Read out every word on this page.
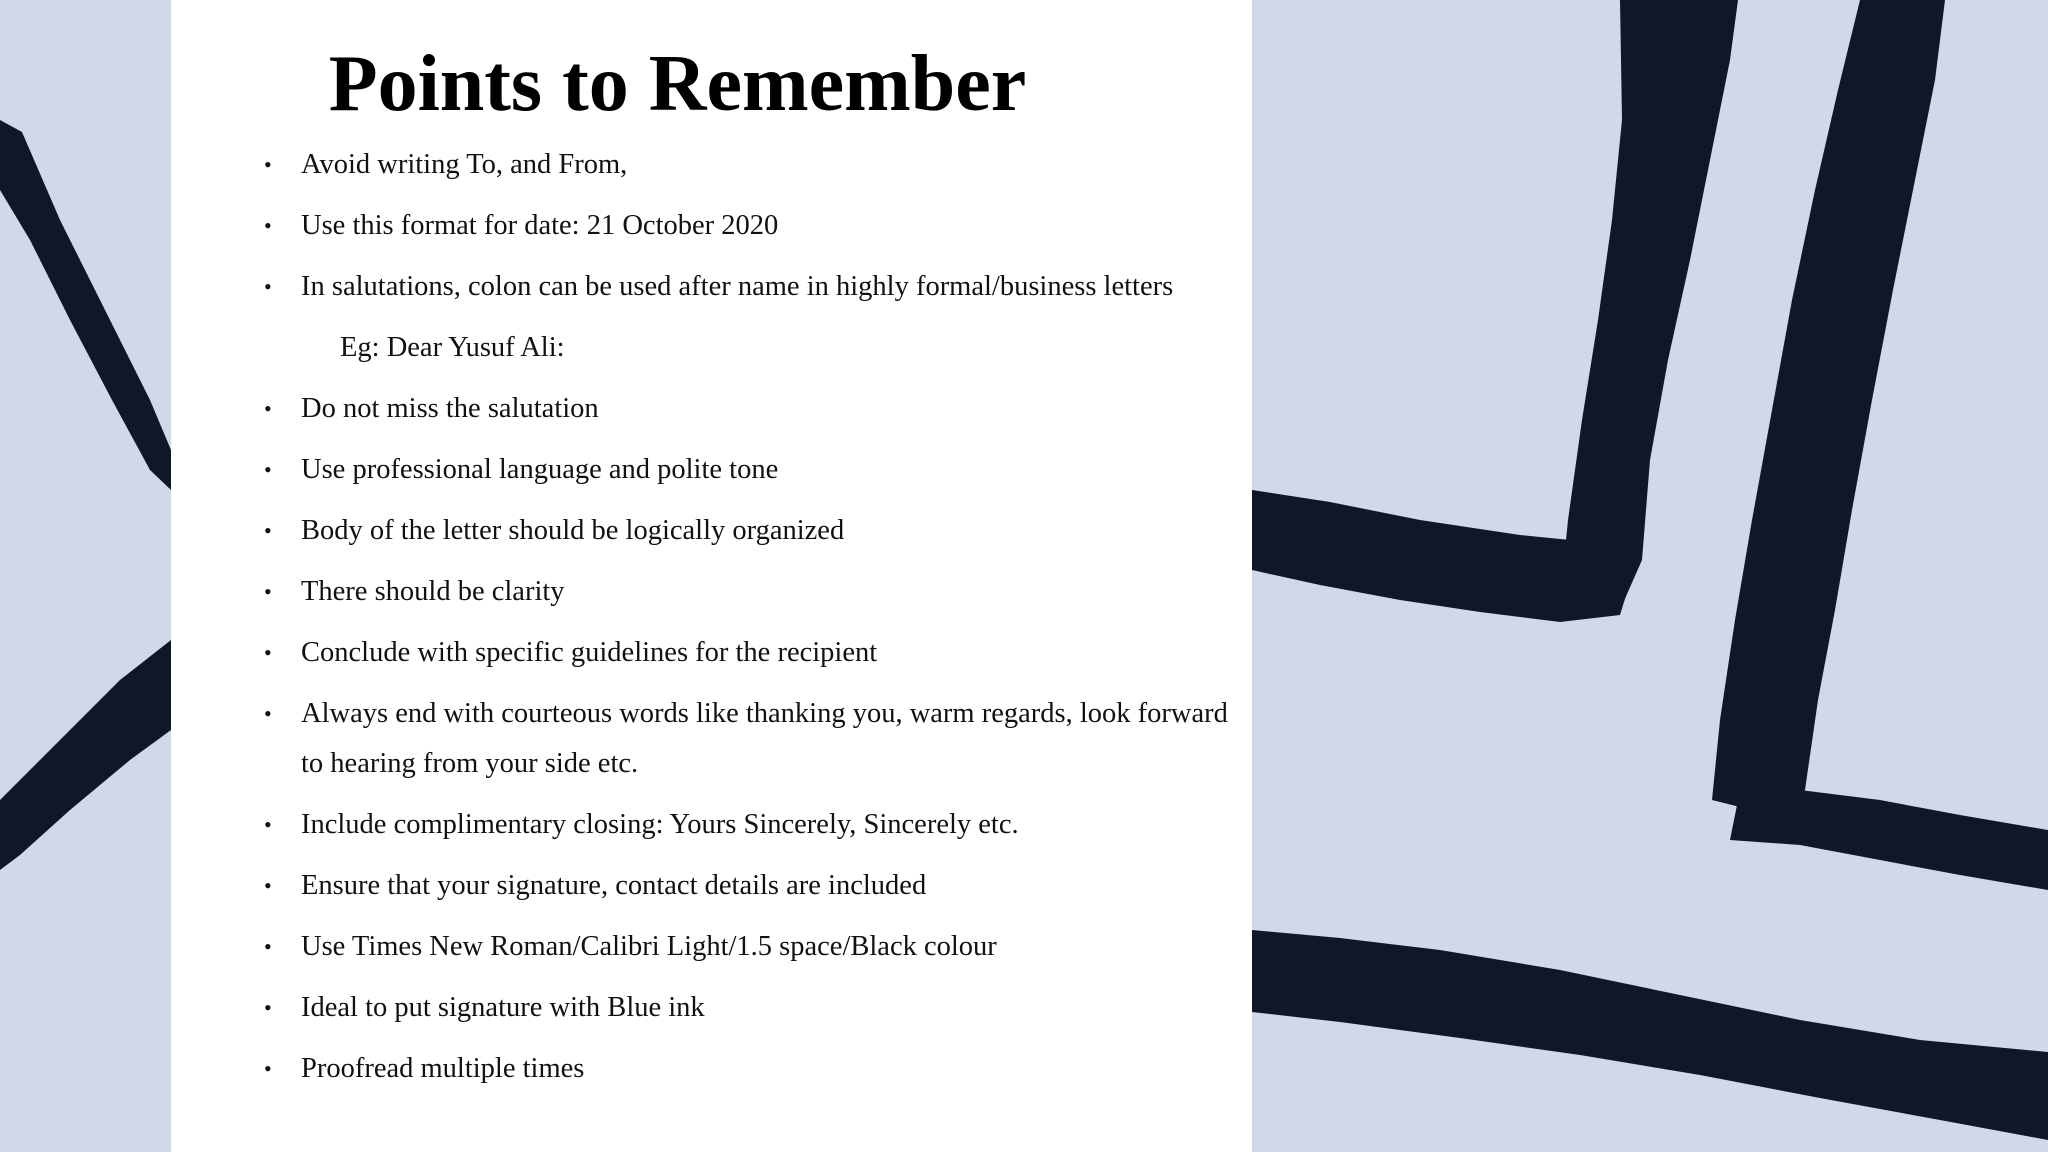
Points to Remember
• Avoid writing To, and From,
• Use this format for date: 21 October 2020
• In salutations, colon can be used after name in highly formal/business letters
Eg: Dear Yusuf Ali:
• Do not miss the salutation
• Use professional language and polite tone
• Body of the letter should be logically organized
• There should be clarity
• Conclude with specific guidelines for the recipient
• Always end with courteous words like thanking you, warm regards, look forward to hearing from your side etc.
• Include complimentary closing: Yours Sincerely, Sincerely etc.
• Ensure that your signature, contact details are included
• Use Times New Roman/Calibri Light/1.5 space/Black colour
• Ideal to put signature with Blue ink
• Proofread multiple times
